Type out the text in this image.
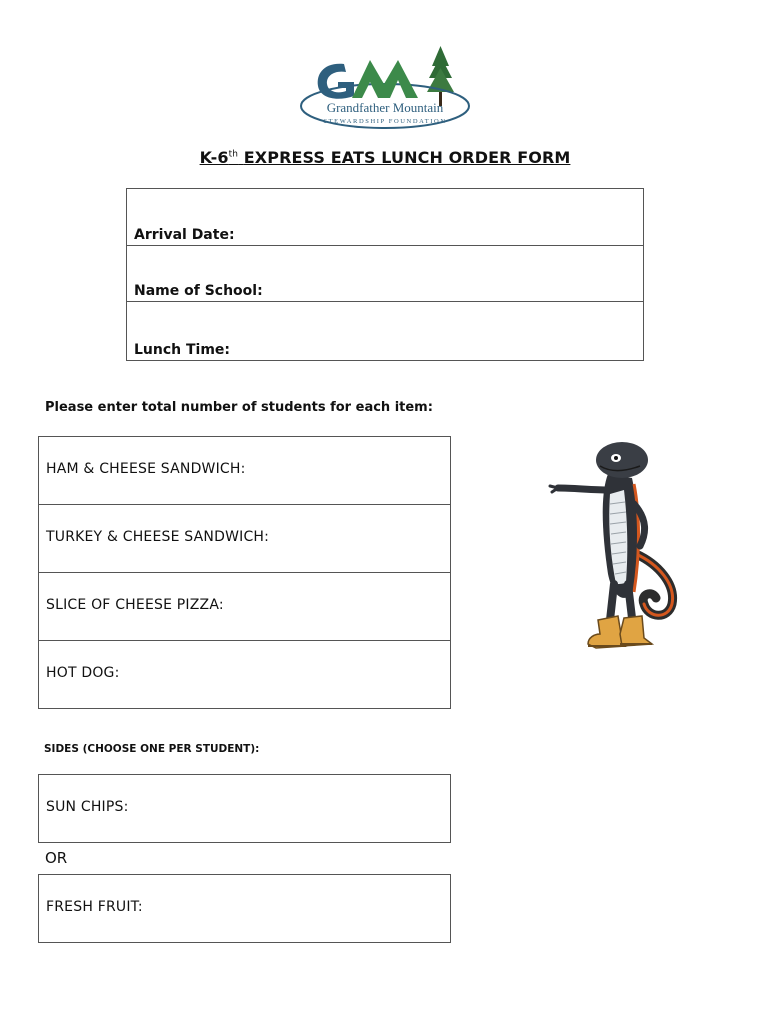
Grandfather Mountain
STEWARDSHIP FOUNDATION
K-6th EXPRESS EATS LUNCH ORDER FORM
Arrival Date:
Name of School:
Lunch Time:
Please enter total number of students for each item:
HAM & CHEESE SANDWICH:
TURKEY & CHEESE SANDWICH:
SLICE OF CHEESE PIZZA:
HOT DOG:
SIDES (CHOOSE ONE PER STUDENT):
SUN CHIPS:
OR
FRESH FRUIT:
